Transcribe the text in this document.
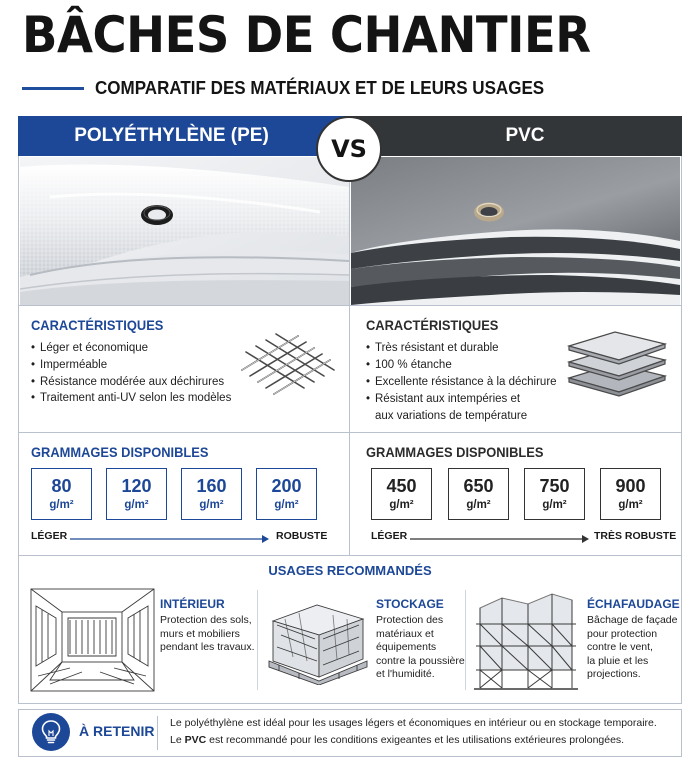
BÂCHES DE CHANTIER
COMPARATIF DES MATÉRIAUX ET DE LEURS USAGES
POLYÉTHYLÈNE (PE)	PVC
VS
CARACTÉRISTIQUES
• Léger et économique
• Imperméable
• Résistance modérée aux déchirures
• Traitement anti-UV selon les modèles
CARACTÉRISTIQUES
• Très résistant et durable
• 100 % étanche
• Excellente résistance à la déchirure
• Résistant aux intempéries et
aux variations de température
GRAMMAGES DISPONIBLES
80
g/m²
120
g/m²
160
g/m²
200
g/m²
LÉGER	ROBUSTE
GRAMMAGES DISPONIBLES
450
g/m²
650
g/m²
750
g/m²
900
g/m²
LÉGER	TRÈS ROBUSTE
USAGES RECOMMANDÉS
INTÉRIEUR
Protection des sols,
murs et mobiliers
pendant les travaux.
STOCKAGE
Protection des
matériaux et
équipements
contre la poussière
et l'humidité.
ÉCHAFAUDAGE
Bâchage de façade
pour protection
contre le vent,
la pluie et les
projections.
À RETENIR Le polyéthylène est idéal pour les usages légers et économiques en intérieur ou en stockage temporaire.
Le PVC est recommandé pour les conditions exigeantes et les utilisations extérieures prolongées.
